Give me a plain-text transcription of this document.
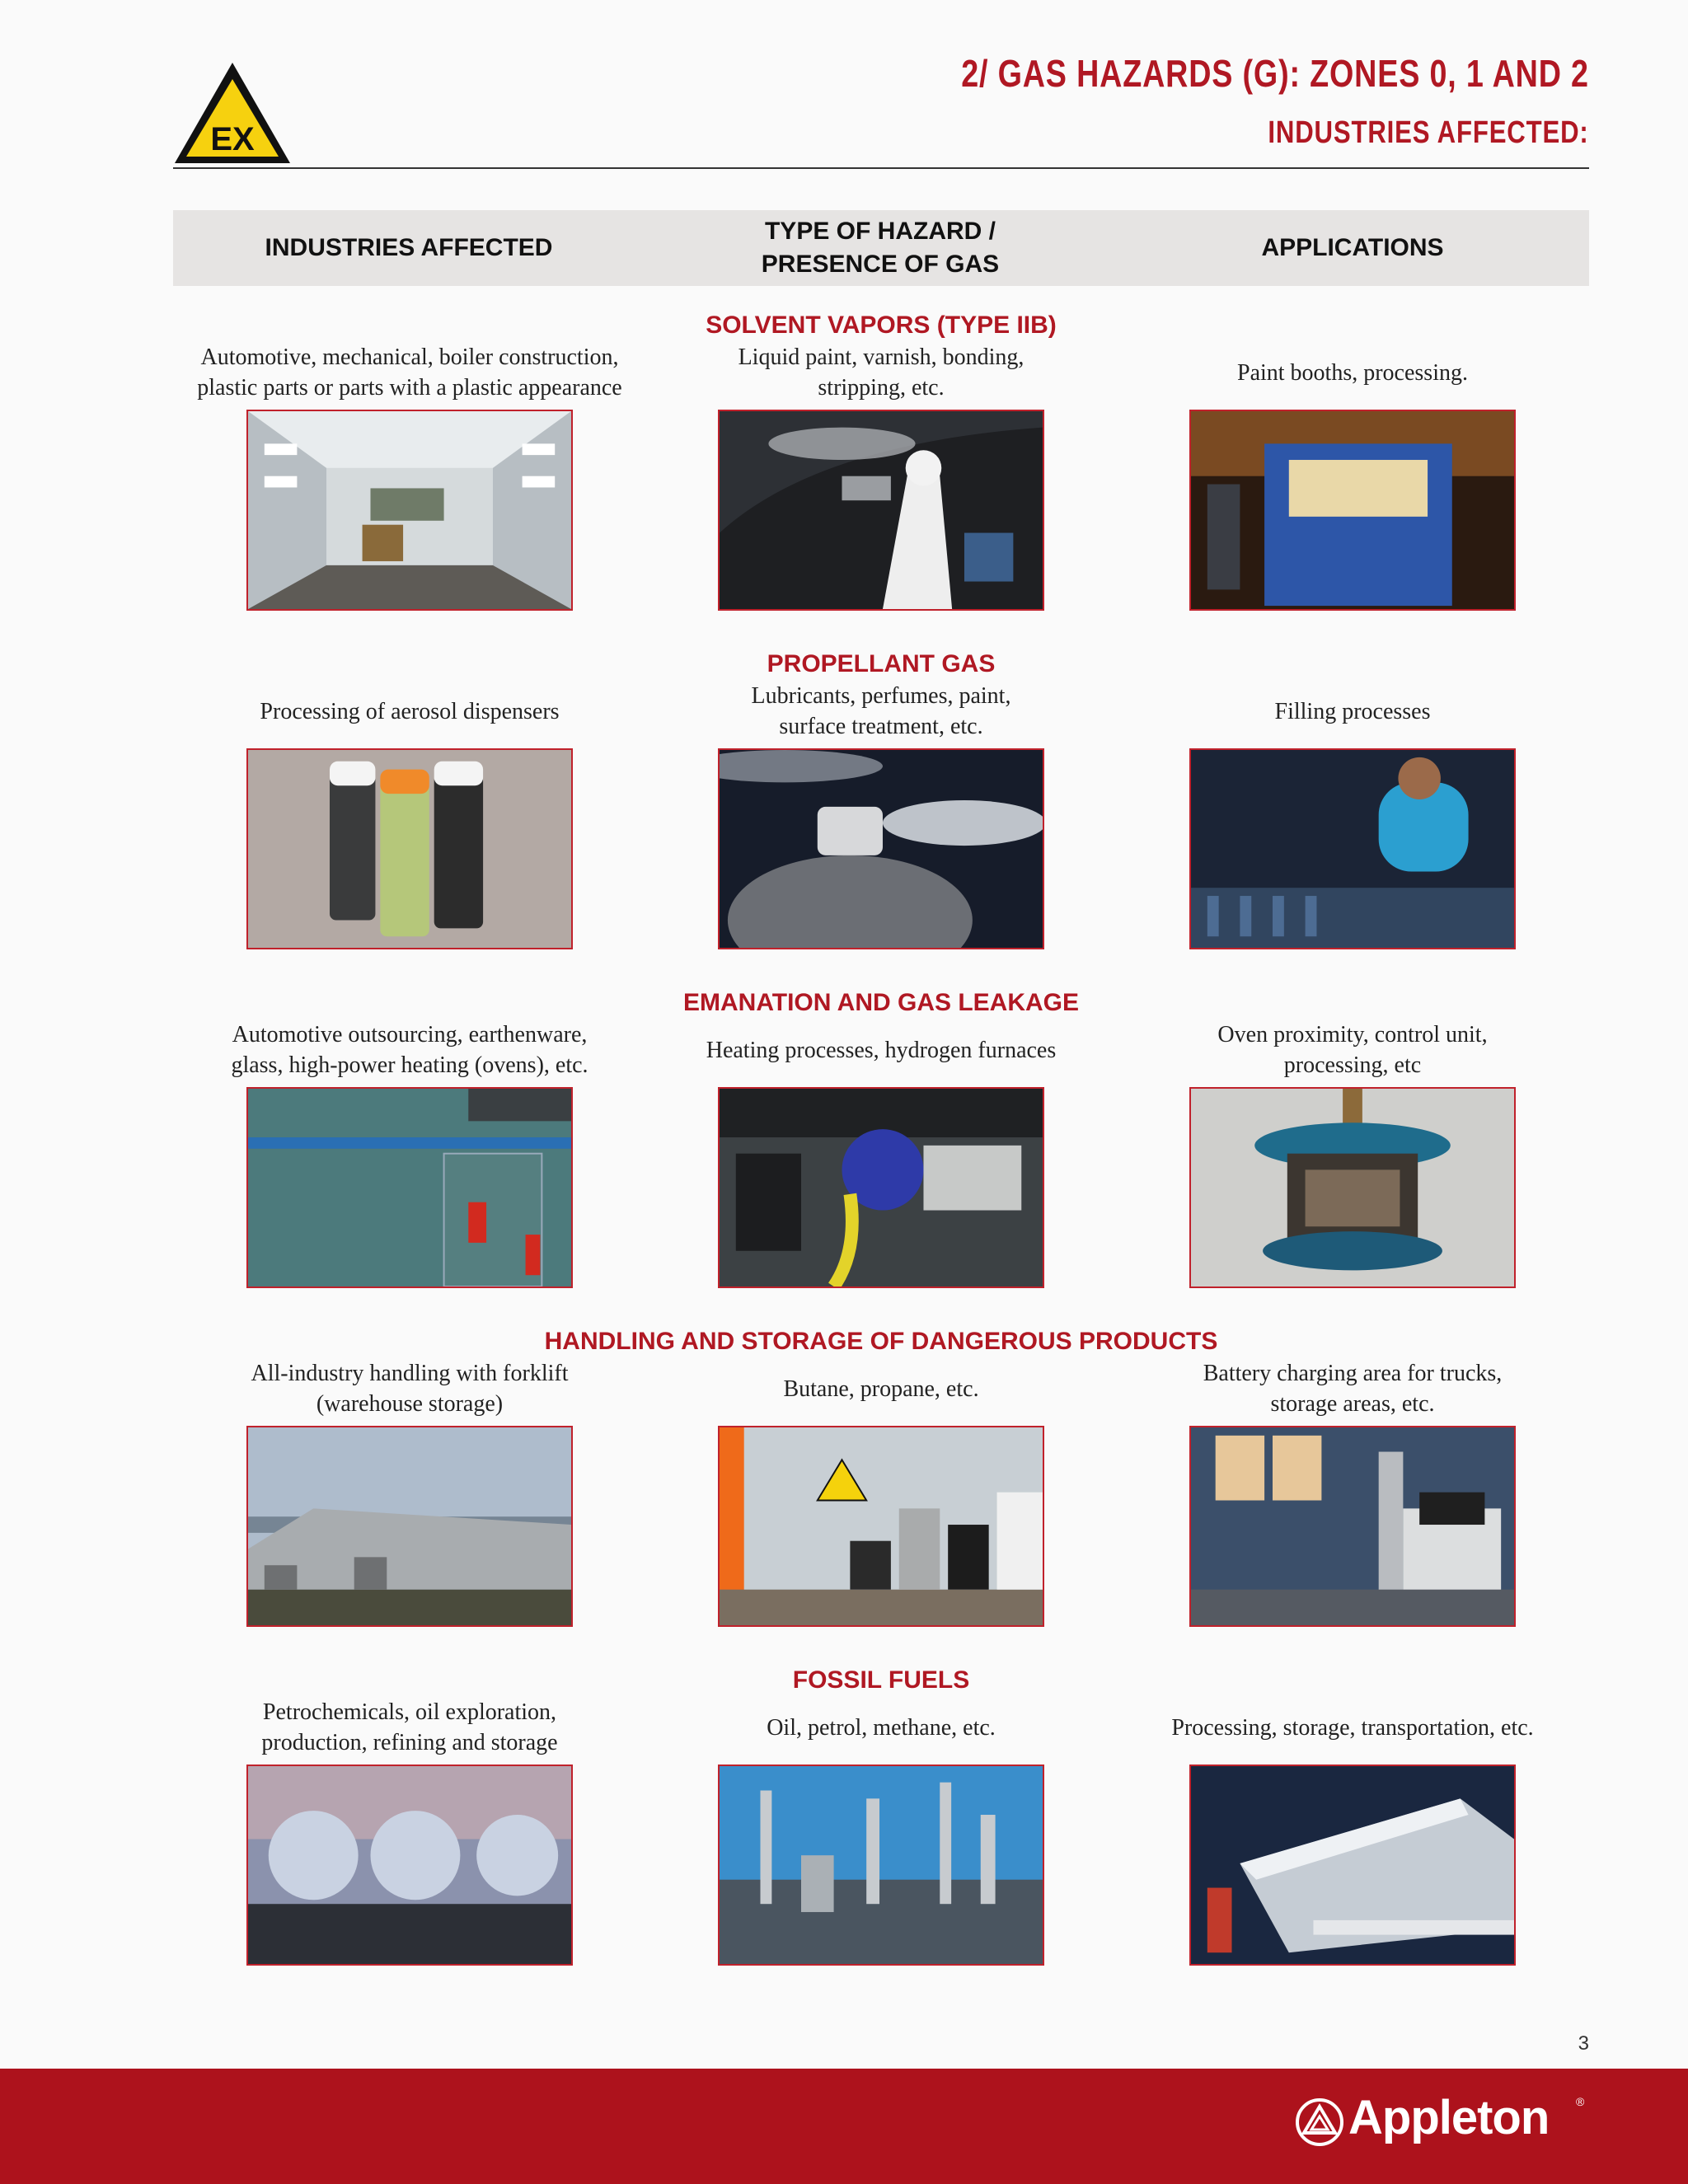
EX
2/ GAS HAZARDS (G): ZONES 0, 1 AND 2
INDUSTRIES AFFECTED:
INDUSTRIES AFFECTED
TYPE OF HAZARD /
PRESENCE OF GAS
APPLICATIONS
SOLVENT VAPORS (TYPE IIB)
Automotive, mechanical, boiler construction,
plastic parts or parts with a plastic appearance
Liquid paint, varnish, bonding,
stripping, etc.
Paint booths, processing.
PROPELLANT GAS
Processing of aerosol dispensers
Lubricants, perfumes, paint,
surface treatment, etc.
Filling processes
EMANATION AND GAS LEAKAGE
Automotive outsourcing, earthenware,
glass, high-power heating (ovens), etc.
Heating processes, hydrogen furnaces
Oven proximity, control unit,
processing, etc
HANDLING AND STORAGE OF DANGEROUS PRODUCTS
All-industry handling with forklift
(warehouse storage)
Butane, propane, etc.
Battery charging area for trucks,
storage areas, etc.
FOSSIL FUELS
Petrochemicals, oil exploration,
production, refining and storage
Oil, petrol, methane, etc.	Processing, storage, transportation, etc.
3
Appleton ®
